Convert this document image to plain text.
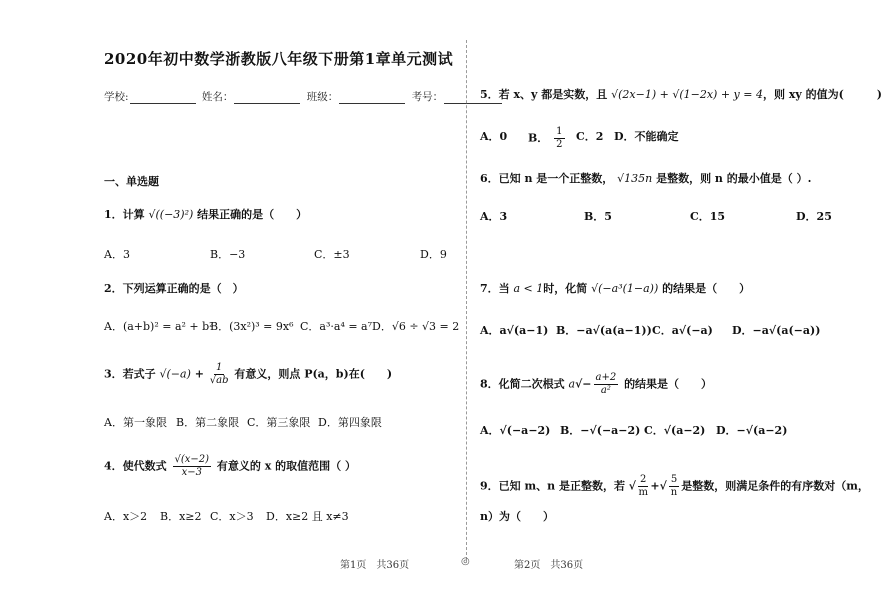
2020年初中数学浙教版八年级下册第1章单元测试
学校:	姓名：	班级：	考号：
一、单选题
1．计算 √((−3)²) 结果正确的是（　　）
A．3	B．−3	C．±3	D．9
2．下列运算正确的是（　）
A．(a+b)² = a² + b²
B．(3x²)³ = 9x⁶ C．a³·a⁴ = a⁷ D．√6 ÷ √3 = 2
3．若式子 $√(-a) + \frac{1}{√ab}$ 有意义，则点 P(a，b)在(　　)
A．第一象限 B．第二象限 C．第三象限 D．第四象限
4．使代数式 $\frac{√(x-2)}{x-3}$ 有意义的 x 的取值范围（ ）
A．x＞2 B．x≥2 C．x＞3 D．x≥2 且 x≠3
第1页　共36页	◎
5．若 x、y 都是实数，且 √(2x−1) + √(1−2x) + y = 4，则 xy 的值为(　　　)
A．0 B． $\frac{1}{2}$ C．2 D．不能确定
6．已知 n 是一个正整数， √135n 是整数，则 n 的最小值是（ ）.
A．3	B．5	C．15	D．25
7．当 a < 1时，化简 √(−a³(1−a)) 的结果是（　　）
A．a√(a−1) B．−a√(a(a−1)) C．a√(−a) D．−a√(a(−a))
8．化简二次根式 $a√- \frac{a+2}{\text{a²}}$ 的结果是（　　）
A．√(−a−2) B．−√(−a−2) C．√(a−2) D．−√(a−2)
9．已知 m、n 是正整数，若 √ $\frac{2}{m}$ +√ $\frac{5}{n}$ 是整数，则满足条件的有序数对（m，
n）为（　　）
第2页　共36页
